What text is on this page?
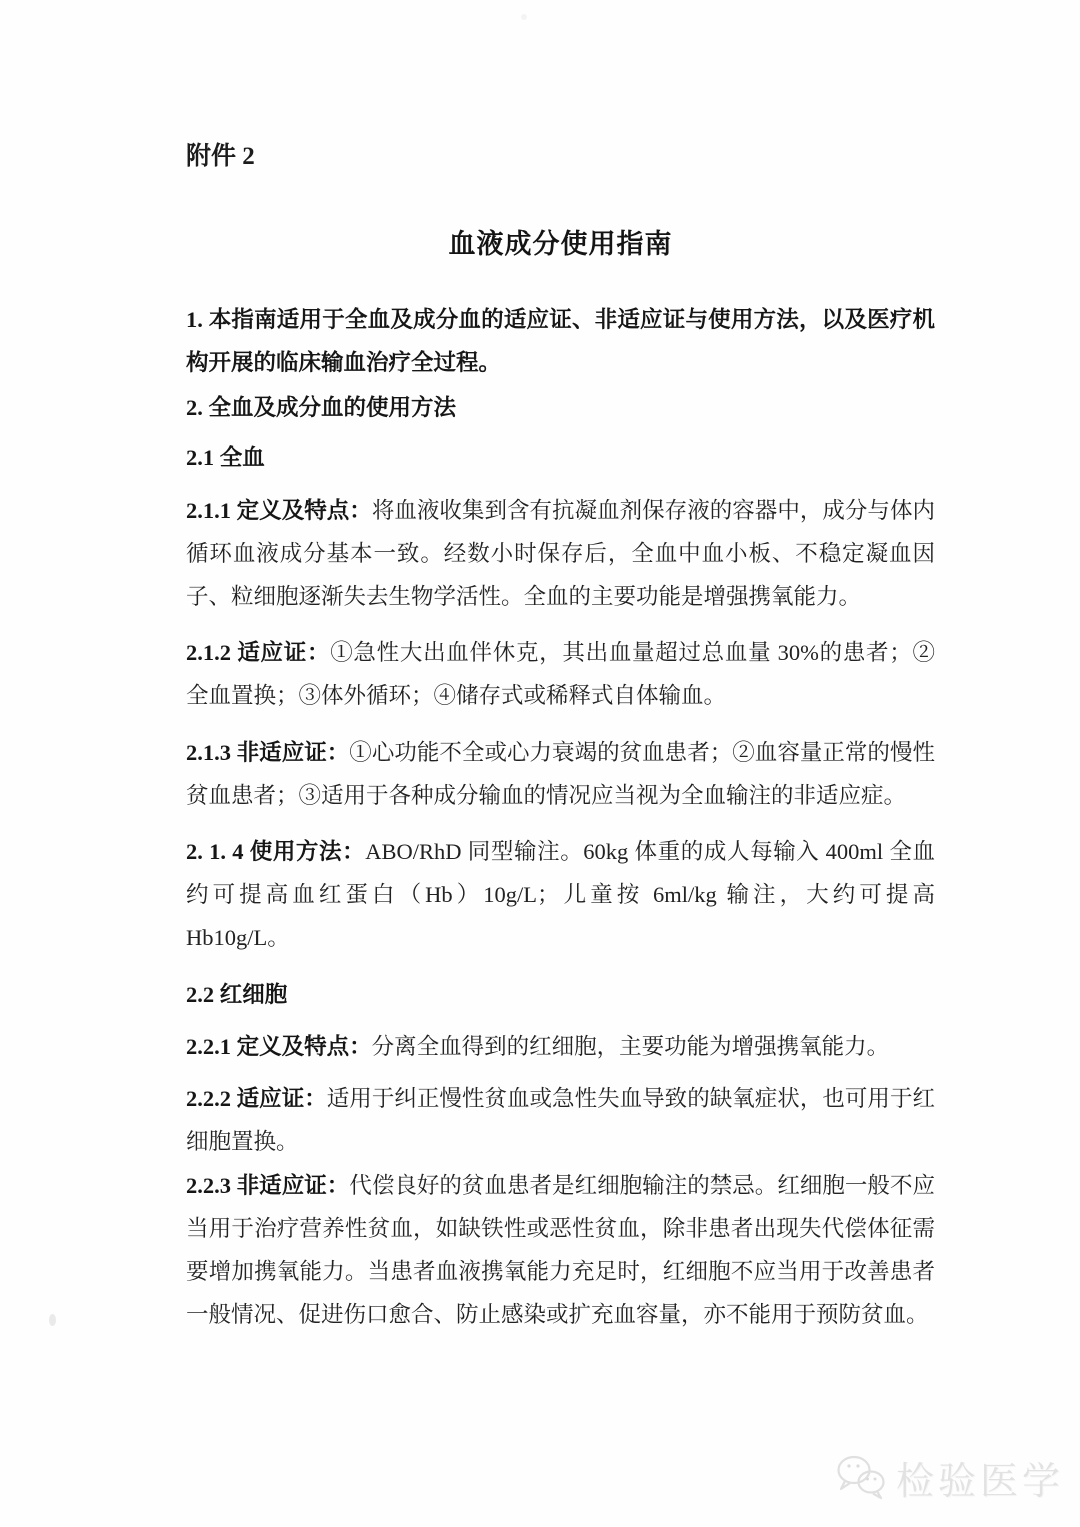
附件 2
血液成分使用指南

1. 本指南适用于全血及成分血的适应证、非适应证与使用方法，以及医疗机构开展的临床输血治疗全过程。

2. 全血及成分血的使用方法

2.1 全血

2.1.1 定义及特点：将血液收集到含有抗凝血剂保存液的容器中，成分与体内循环血液成分基本一致。经数小时保存后，全血中血小板、不稳定凝血因子、粒细胞逐渐失去生物学活性。全血的主要功能是增强携氧能力。

2.1.2 适应证：①急性大出血伴休克，其出血量超过总血量 30%的患者；②全血置换；③体外循环；④储存式或稀释式自体输血。

2.1.3 非适应证：①心功能不全或心力衰竭的贫血患者；②血容量正常的慢性贫血患者；③适用于各种成分输血的情况应当视为全血输注的非适应症。

2. 1. 4 使用方法：ABO/RhD 同型输注。60kg 体重的成人每输入 400ml 全血约可提高血红蛋白（Hb）10g/L；儿童按 6ml/kg 输注，大约可提高 Hb10g/L。

2.2 红细胞

2.2.1 定义及特点：分离全血得到的红细胞，主要功能为增强携氧能力。

2.2.2 适应证：适用于纠正慢性贫血或急性失血导致的缺氧症状，也可用于红细胞置换。

2.2.3 非适应证：代偿良好的贫血患者是红细胞输注的禁忌。红细胞一般不应当用于治疗营养性贫血，如缺铁性或恶性贫血，除非患者出现失代偿体征需要增加携氧能力。当患者血液携氧能力充足时，红细胞不应当用于改善患者一般情况、促进伤口愈合、防止感染或扩充血容量，亦不能用于预防贫血。

检验医学
